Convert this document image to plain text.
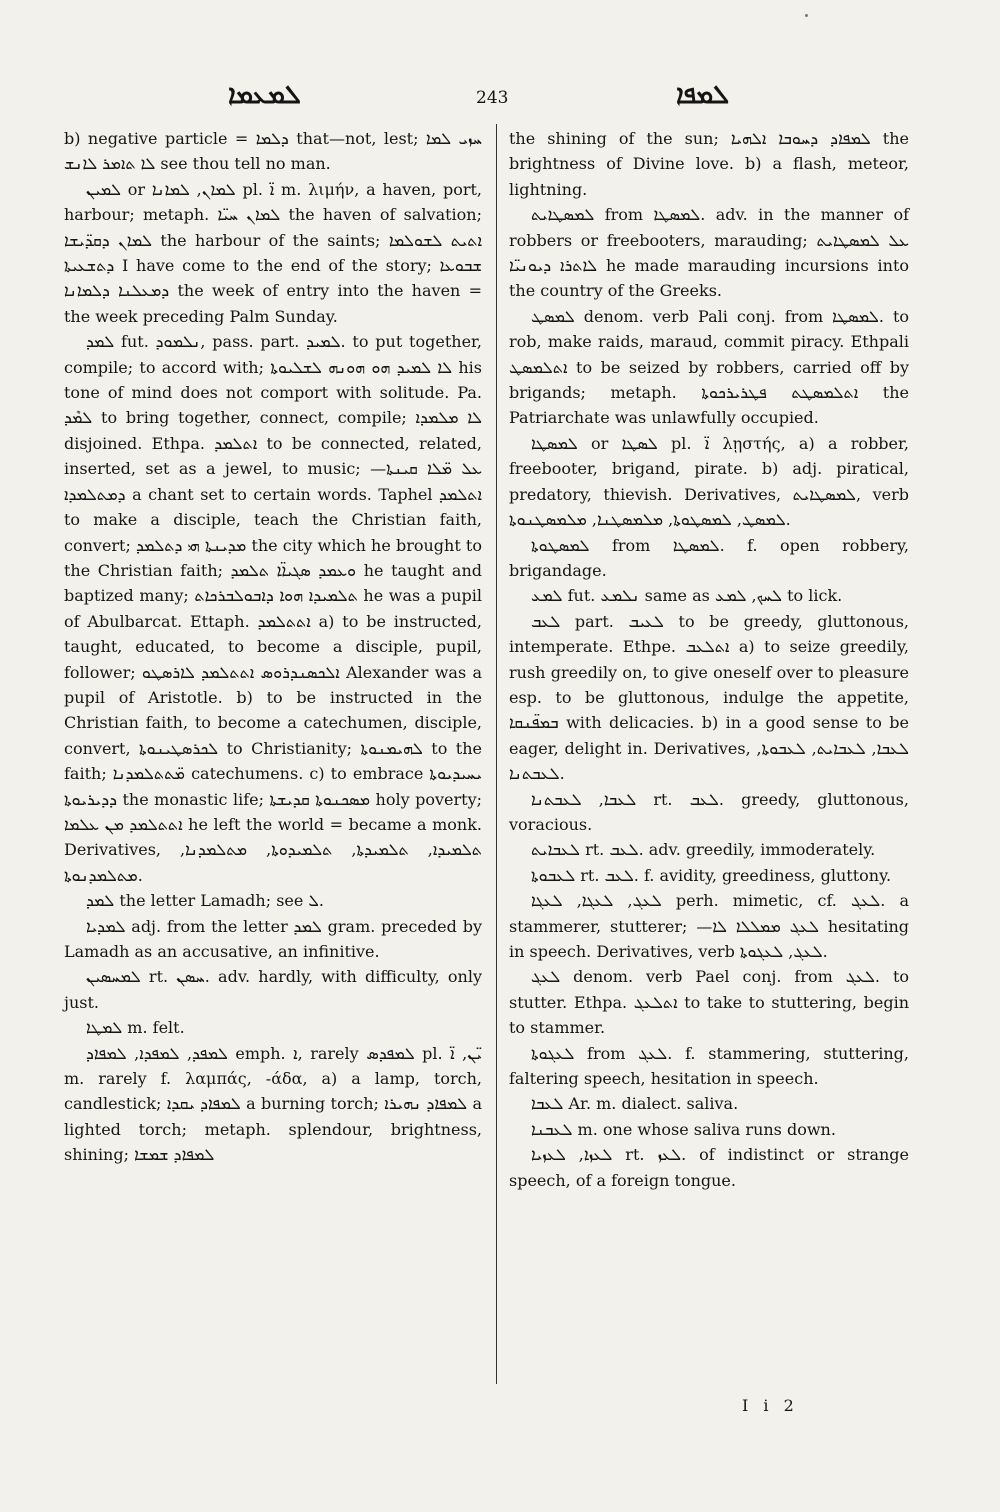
ܠܡܥܡܐ	243	ܠܡܦܐ

b) negative particle = ܕܠܡܐ that—not, lest; ܚܙܝ ܠܡܐ ܠܐ ܬܐܡܪ ܠܐܢܫ see thou tell no man.

ܠܡܝܢ or ܠܡܐܢ, ܠܡܐܢܐ pl. ܐ̈ m. λιμήν, a haven, port, harbour; metaph. ܠܡܐܢ ܚܝ̈ܐ the haven of salvation; ܠܡܐܢ ܕܩܕ̈ܝܫܐ the harbour of the saints; ܐܬܝܬ ܠܫܘܠܡܐ ܕܬܫܥܝܬܐ I have come to the end of the story; ܫܒܘܥܐ ܕܡܥܠܢܐ ܕܠܡܐܢܐ the week of entry into the haven = the week preceding Palm Sunday.

ܠܡܕ fut. ܢܠܡܘܕ, pass. part. ܠܡܝܕ. to put together, compile; to accord with; ܠܐ ܠܡܝܕ ܗܘ ܗܘܢܗ ܠܫܠܝܘܬܐ his tone of mind does not comport with solitude. Pa. ܠܡܶܕ to bring together, connect, compile; ܠܐ ܡܠܡܕܐ disjoined. Ethpa. ܐܬܠܡܕ to be connected, related, inserted, set as a jewel, to music; —ܥܠ ܡ̈ܠܐ ܩܝܢܬܐ ܕܡܬܠܡܕܐ a chant set to certain words. Taphel ܐܬܠܡܕ to make a disciple, teach the Christian faith, convert; ܡܕܝܢܬܐ ܗܝ ܕܬܠܡܕ the city which he brought to the Christian faith; ܘܥܡܕ ܣܓܝܐ̈ܐ ܬܠܡܕ he taught and baptized many; ܬܠܡܝܕܐ ܗܘܐ ܕܐܒܘܠܒܪܟܐܬ he was a pupil of Abulbarcat. Ettaph. ܐܬܬܠܡܕ a) to be instructed, taught, educated, to become a disciple, pupil, follower; ܐܠܟܣܢܕܪܘܣ ܐܬܬܠܡܕ ܠܐܪܣܛܘ Alexander was a pupil of Aristotle. b) to be instructed in the Christian faith, to become a catechumen, disciple, convert, ܠܟܪܣܛܝܢܘܬܐ to Christianity; ܠܗܝܡܢܘܬܐ to the faith; ܡ̈ܬܬܠܡܕܢܐ catechumens. c) to embrace ܝܚܝܕܝܘܬܐ ܕܕܝܪܝܘܬܐ the monastic life; ܡܣܟܢܘܬܐ ܩܕܝܫܬܐ holy poverty; ܐܬܬܠܡܕ ܡܢ ܥܠܡܐ he left the world = became a monk. Derivatives, ܬܠܡܝܕܐ, ܬܠܡܝܕܬܐ, ܬܠܡܝܕܘܬܐ, ܡܬܠܡܕܢܐ, ܡܬܠܡܕܢܘܬܐ.

ܠܡܕ the letter Lamadh; see ܠ.

ܠܡܕܝܐ adj. from the letter ܠܡܕ gram. preceded by Lamadh as an accusative, an infinitive.

ܠܡܚܣܝܢ rt. ܚܣܢ. adv. hardly, with difficulty, only just.

ܠܡܛܐ m. felt.

ܠܡܦܕ, ܠܡܦܕܐ, ܠܡܦܐܕ emph. ܐ, rarely ܠܡܦܕܣ pl. ܝ̈ܢ, ܐ̈ m. rarely f. λαμπάς, -άδα, a) a lamp, torch, candlestick; ܠܡܦܐܕ ܝܩܕܐ a burning torch; ܠܡܦܐܕ ܢܗܝܪܐ a lighted torch; metaph. splendour, brightness, shining; ܠܡܦܐܕ ܫܡܫܐ

the shining of the sun; ܠܡܦܐܕ ܕܚܘܒܐ ܐܠܗܝܐ the brightness of Divine love. b) a flash, meteor, lightning.

ܠܡܣܛܐܝܬ from ܠܡܣܛܐ. adv. in the manner of robbers or freebooters, marauding; ܥܠ ܠܡܣܛܐܝܬ ܠܐܬܪܐ ܕܝܘܢܝ̈ܐ he made marauding incursions into the country of the Greeks.

ܠܡܣܛ denom. verb Pali conj. from ܠܡܣܛܐ. to rob, make raids, maraud, commit piracy. Ethpali ܐܬܠܡܣܛ to be seized by robbers, carried off by brigands; metaph. ܐܬܠܡܣܛܬ ܦܛܪܝܪܟܘܬܐ the Patriarchate was unlawfully occupied.

ܠܡܣܛܐ or ܠܣܛܐ pl. ܐ̈ λῃστής, a) a robber, freebooter, brigand, pirate. b) adj. piratical, predatory, thievish. Derivatives, ܠܡܣܛܐܝܬ, verb ܠܡܣܛ, ܠܡܣܛܘܬܐ, ܡܠܡܣܛܢܐ, ܡܠܡܣܛܢܘܬܐ.

ܠܡܣܛܘܬܐ from ܠܡܣܛܐ. f. open robbery, brigandage.

ܠܡܥ fut. ܢܠܡܥ same as ܠܚܟ, ܠܡܥ to lick.

ܠܥܒ part. ܠܥܝܒ to be greedy, gluttonous, intemperate. Ethpe. ܐܬܠܥܒ a) to seize greedily, rush greedily on, to give oneself over to pleasure esp. to be gluttonous, indulge the appetite, ܒܡܦ̈ܢܩܐ with delicacies. b) in a good sense to be eager, delight in. Derivatives, ܠܥܒܐ, ܠܥܒܐܝܬ, ܠܥܒܘܬܐ, ܠܥܒܬܢܐ.

ܠܥܒܐ, ܠܥܒܬܢܐ rt. ܠܥܒ. greedy, gluttonous, voracious.

ܠܥܒܐܝܬ rt. ܠܥܒ. adv. greedily, immoderately.

ܠܥܒܘܬܐ rt. ܠܥܒ. f. avidity, greediness, gluttony.

ܠܥܓ, ܠܥܓܐ, ܠܥܓܐ perh. mimetic, cf. ܠܥܓ. a stammerer, stutterer; —ܠܥܓ ܡܡܠܠܐ ܠܐ hesitating in speech. Derivatives, verb ܠܥܓ, ܠܥܓܘܬܐ.

ܠܥܓ denom. verb Pael conj. from ܠܥܓ. to stutter. Ethpa. ܐܬܠܥܓ to take to stuttering, begin to stammer.

ܠܥܓܘܬܐ from ܠܥܓ. f. stammering, stuttering, faltering speech, hesitation in speech.

ܠܥܒܐ Ar. m. dialect. saliva.

ܠܥܒܢܐ m. one whose saliva runs down.

ܠܥܙܐ, ܠܥܙܝܐ rt. ܠܥܙ. of indistinct or strange speech, of a foreign tongue.

I i 2
